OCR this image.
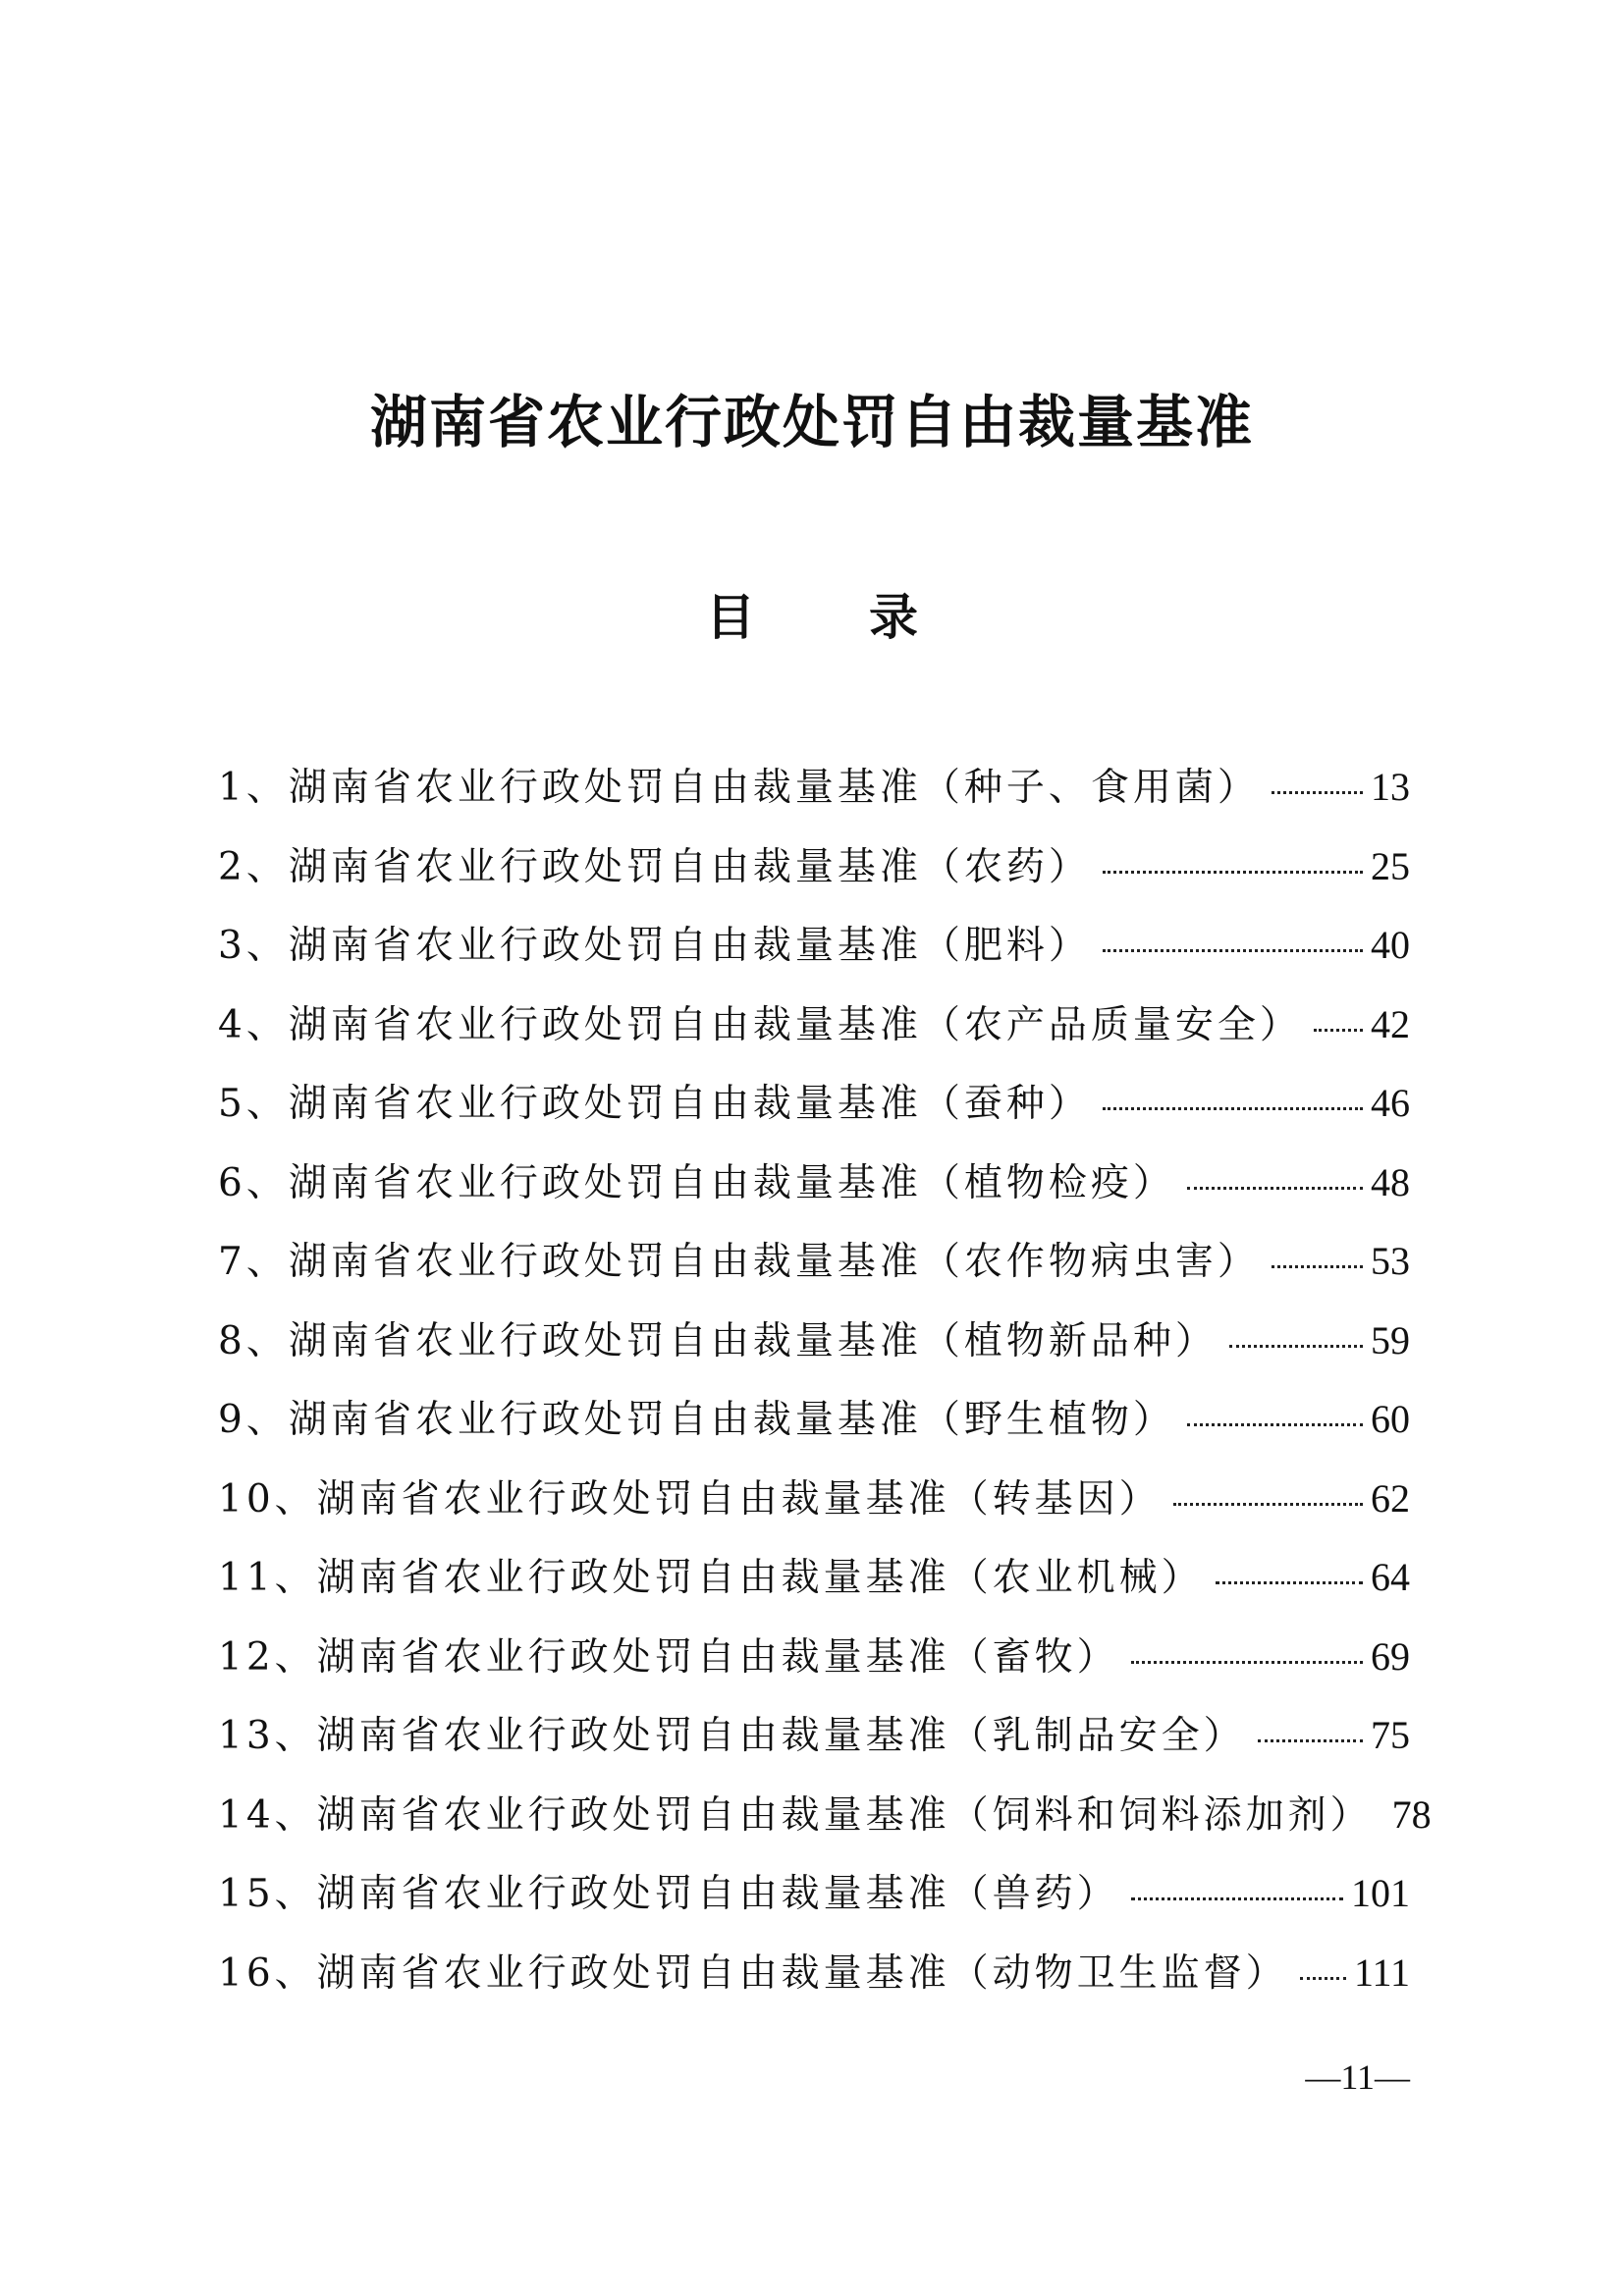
湖南省农业行政处罚自由裁量基准
目 录
1、湖南省农业行政处罚自由裁量基准（种子、食用菌）	13
2、湖南省农业行政处罚自由裁量基准（农药）	25
3、湖南省农业行政处罚自由裁量基准（肥料）	40
4、湖南省农业行政处罚自由裁量基准（农产品质量安全） 42
5、湖南省农业行政处罚自由裁量基准（蚕种）	46
6、湖南省农业行政处罚自由裁量基准（植物检疫）	48
7、湖南省农业行政处罚自由裁量基准（农作物病虫害）	53
8、湖南省农业行政处罚自由裁量基准（植物新品种）	59
9、湖南省农业行政处罚自由裁量基准（野生植物）	60
10、湖南省农业行政处罚自由裁量基准（转基因）	62
11、湖南省农业行政处罚自由裁量基准（农业机械）	64
12、湖南省农业行政处罚自由裁量基准（畜牧）	69
13、湖南省农业行政处罚自由裁量基准（乳制品安全）	75
14、湖南省农业行政处罚自由裁量基准（饲料和饲料添加剂） 78
15、湖南省农业行政处罚自由裁量基准（兽药）	101
16、湖南省农业行政处罚自由裁量基准（动物卫生监督） 111

—11—
